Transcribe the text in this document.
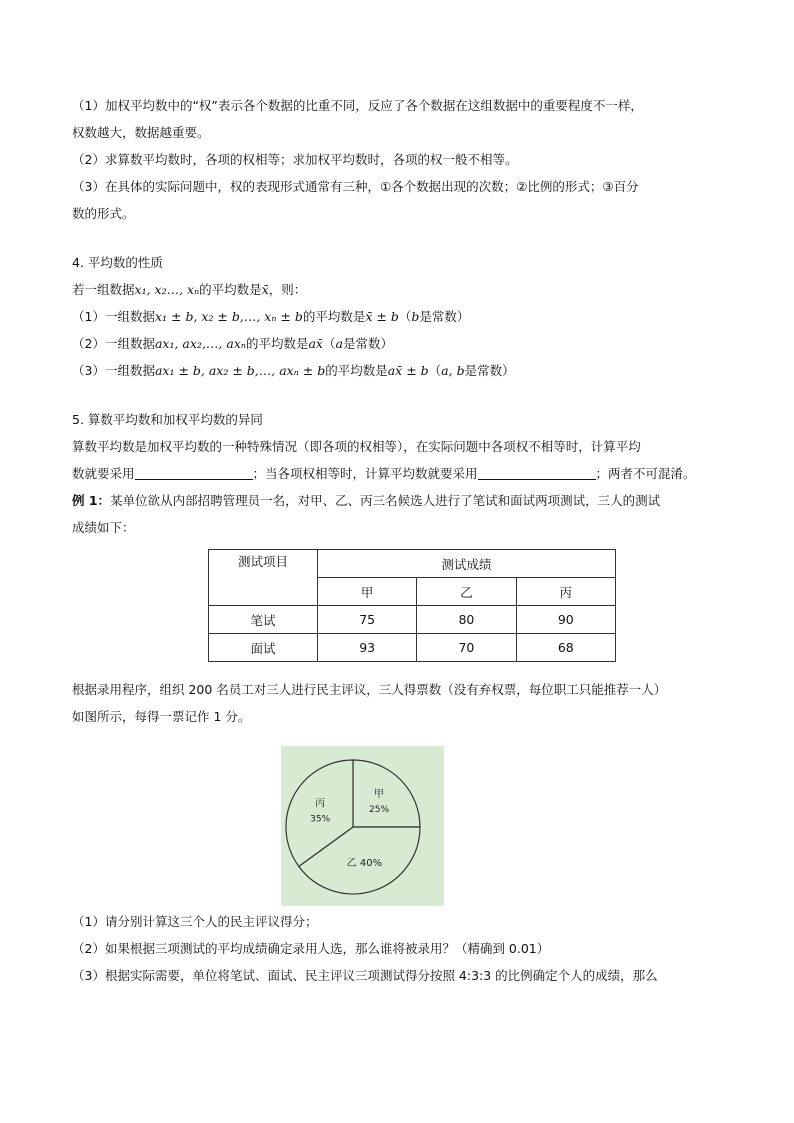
（1）加权平均数中的“权”表示各个数据的比重不同，反应了各个数据在这组数据中的重要程度不一样，
权数越大，数据越重要。
（2）求算数平均数时，各项的权相等；求加权平均数时，各项的权一般不相等。
（3）在具体的实际问题中，权的表现形式通常有三种，①各个数据出现的次数；②比例的形式；③百分
数的形式。
4. 平均数的性质
若一组数据x₁, x₂…, xₙ的平均数是x̄，则：
（1）一组数据x₁ ± b, x₂ ± b,…, xₙ ± b的平均数是x̄ ± b（b是常数）
（2）一组数据ax₁, ax₂,…, axₙ的平均数是ax̄（a是常数）
（3）一组数据ax₁ ± b, ax₂ ± b,…, axₙ ± b的平均数是ax̄ ± b（a, b是常数）
5. 算数平均数和加权平均数的异同
算数平均数是加权平均数的一种特殊情况（即各项的权相等），在实际问题中各项权不相等时，计算平均
数就要采用	；当各项权相等时，计算平均数就要采用	；两者不可混淆。
例 1：某单位欲从内部招聘管理员一名，对甲、乙、丙三名候选人进行了笔试和面试两项测试，三人的测试
成绩如下：
测试项目	测试成绩		
	甲	乙	丙
笔试	75	80	90
面试	93	70	68
根据录用程序，组织 200 名员工对三人进行民主评议，三人得票数（没有弃权票，每位职工只能推荐一人）
如图所示，每得一票记作 1 分。
甲
25%
乙 40%
丙
35%
（1）请分别计算这三个人的民主评议得分；
（2）如果根据三项测试的平均成绩确定录用人选，那么谁将被录用？（精确到 0.01）
（3）根据实际需要，单位将笔试、面试、民主评议三项测试得分按照 4:3:3 的比例确定个人的成绩，那么
